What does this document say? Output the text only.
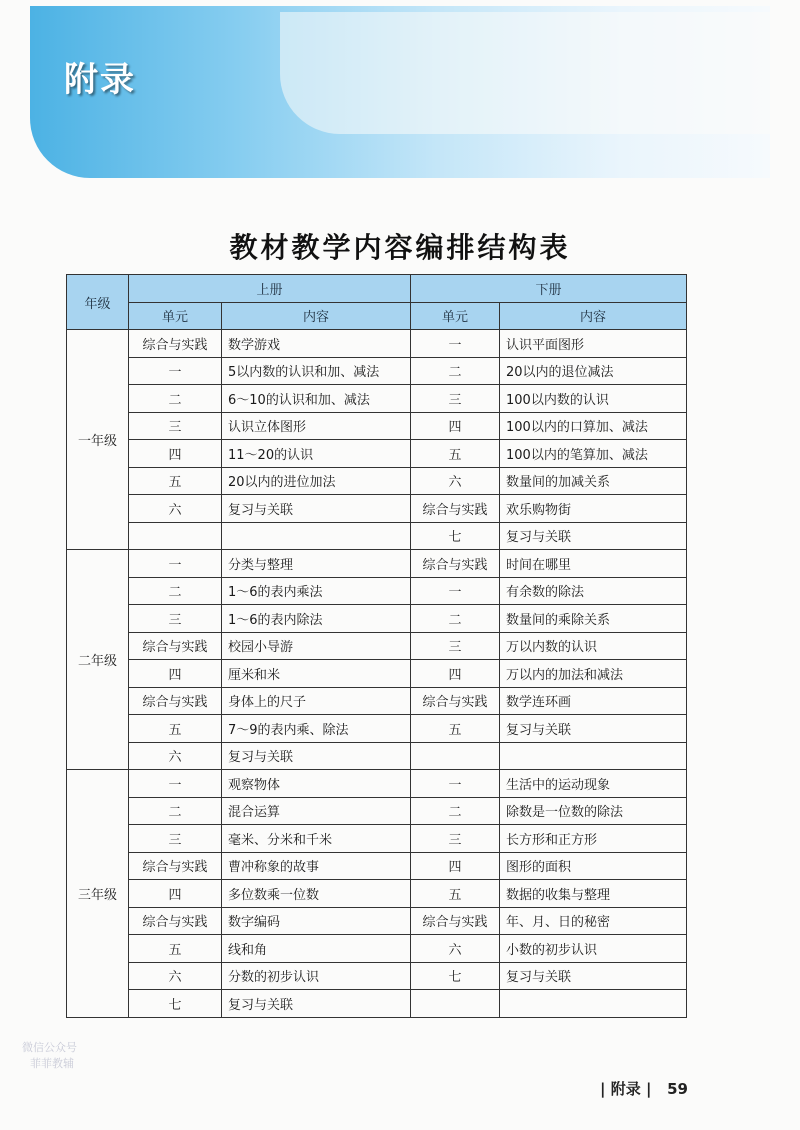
附录
教材教学内容编排结构表
年级	上册		下册	
	单元	内容	单元	内容
一年级	综合与实践	数学游戏	一	认识平面图形
	一	5以内数的认识和加、减法	二	20以内的退位减法
	二	6～10的认识和加、减法	三	100以内数的认识
	三	认识立体图形	四	100以内的口算加、减法
	四	11～20的认识	五	100以内的笔算加、减法
	五	20以内的进位加法	六	数量间的加减关系
	六	复习与关联	综合与实践	欢乐购物街
			七	复习与关联
二年级	一	分类与整理	综合与实践	时间在哪里
	二	1～6的表内乘法	一	有余数的除法
	三	1～6的表内除法	二	数量间的乘除关系
	综合与实践	校园小导游	三	万以内数的认识
	四	厘米和米	四	万以内的加法和减法
	综合与实践	身体上的尺子	综合与实践	数学连环画
	五	7～9的表内乘、除法	五	复习与关联
	六	复习与关联		
三年级	一	观察物体	一	生活中的运动现象
	二	混合运算	二	除数是一位数的除法
	三	毫米、分米和千米	三	长方形和正方形
	综合与实践	曹冲称象的故事	四	图形的面积
	四	多位数乘一位数	五	数据的收集与整理
	综合与实践	数字编码	综合与实践	年、月、日的秘密
	五	线和角	六	小数的初步认识
	六	分数的初步认识	七	复习与关联
	七	复习与关联		
微信公众号
菲菲教辅
| 附录 |   59
